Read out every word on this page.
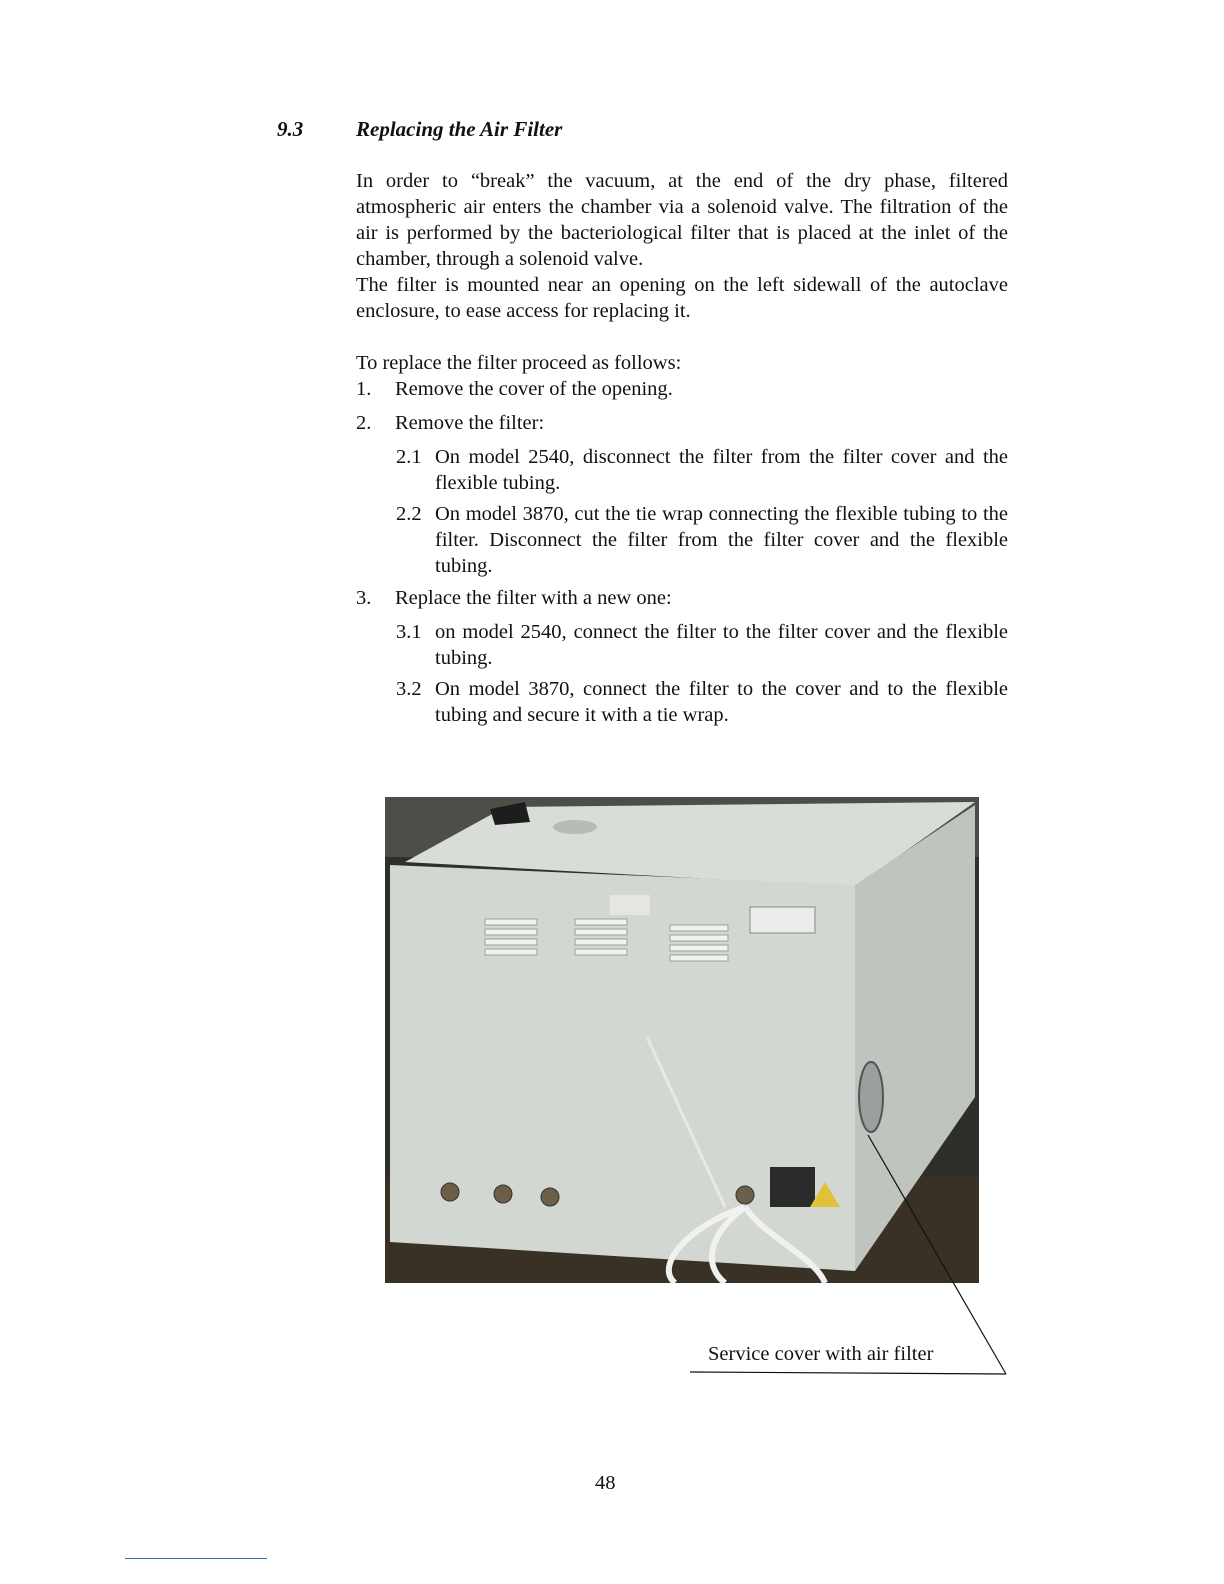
9.3	Replacing the Air Filter

In order to “break” the vacuum, at the end of the dry phase, filtered atmospheric air enters the chamber via a solenoid valve. The filtration of the air is performed by the bacteriological filter that is placed at the inlet of the chamber, through a solenoid valve.

The filter is mounted near an opening on the left sidewall of the autoclave enclosure, to ease access for replacing it.

To replace the filter proceed as follows:
1. Remove the cover of the opening.
2. Remove the filter:
2.1 On model 2540, disconnect the filter from the filter cover and the flexible tubing.
2.2 On model 3870, cut the tie wrap connecting the flexible tubing to the filter. Disconnect the filter from the filter cover and the flexible tubing.
3. Replace the filter with a new one:
3.1 on model 2540, connect the filter to the filter cover and the flexible tubing.
3.2 On model 3870, connect the filter to the cover and to the flexible tubing and secure it with a tie wrap.
Service cover with air filter
48
